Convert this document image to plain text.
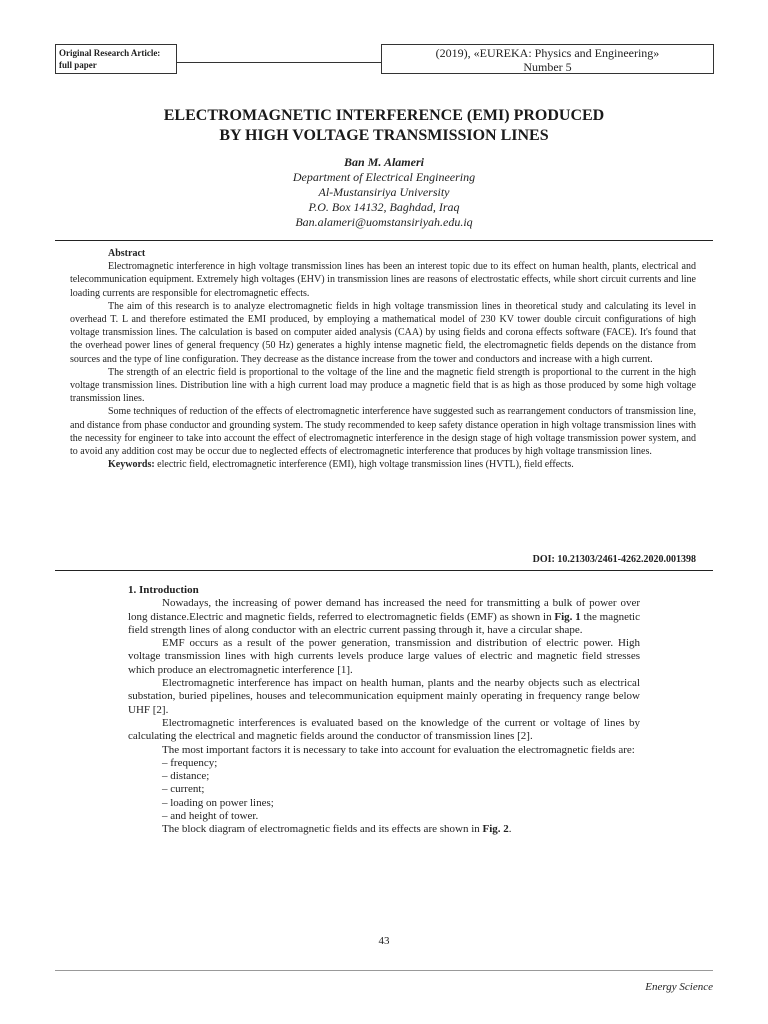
Original Research Article:
full paper
(2019), «EUREKA: Physics and Engineering»
Number 5
ELECTROMAGNETIC INTERFERENCE (EMI) PRODUCED
BY HIGH VOLTAGE TRANSMISSION LINES
Ban M. Alameri
Department of Electrical Engineering
Al-Mustansiriya University
P.O. Box 14132, Baghdad, Iraq
Ban.alameri@uomstansiriyah.edu.iq

Abstract

Electromagnetic interference in high voltage transmission lines has been an interest topic due to its effect on human health, plants, electrical and telecommunication equipment. Extremely high voltages (EHV) in transmission lines are reasons of electrostatic effects, while short circuit currents and line loading currents are responsible for electromagnetic effects.

The aim of this research is to analyze electromagnetic fields in high voltage transmission lines in theoretical study and calculating its level in overhead T. L and therefore estimated the EMI produced, by employing a mathematical model of 230 KV tower double circuit configurations of high voltage transmission lines. The calculation is based on computer aided analysis (CAA) by using fields and corona effects software (FACE). It's found that the overhead power lines of general frequency (50 Hz) generates a highly intense magnetic field, the electromagnetic fields depends on the distance from sources and the type of line configuration. They decrease as the distance increase from the tower and conductors and increase with a high current.

The strength of an electric field is proportional to the voltage of the line and the magnetic field strength is proportional to the current in the high voltage transmission lines. Distribution line with a high current load may produce a magnetic field that is as high as those produced by some high voltage transmission lines.

Some techniques of reduction of the effects of electromagnetic interference have suggested such as rearrangement conductors of transmission line, and distance from phase conductor and grounding system. The study recommended to keep safety distance operation in high voltage transmission lines with the necessity for engineer to take into account the effect of electromagnetic interference in the design stage of high voltage transmission power system, and to avoid any addition cost may be occur due to neglected effects of electromagnetic interference that produces by high voltage transmission lines.

Keywords: electric field, electromagnetic interference (EMI), high voltage transmission lines (HVTL), field effects.

DOI: 10.21303/2461-4262.2020.001398

1. Introduction

Nowadays, the increasing of power demand has increased the need for transmitting a bulk of power over long distance.Electric and magnetic fields, referred to electromagnetic fields (EMF) as shown in Fig. 1 the magnetic field strength lines of along conductor with an electric current passing through it, have a circular shape.

EMF occurs as a result of the power generation, transmission and distribution of electric power. High voltage transmission lines with high currents levels produce large values of electric and magnetic field stresses which produce an electromagnetic interference [1].

Electromagnetic interference has impact on health human, plants and the nearby objects such as electrical substation, buried pipelines, houses and telecommunication equipment mainly operating in frequency range below UHF [2].

Electromagnetic interferences is evaluated based on the knowledge of the current or voltage of lines by calculating the electrical and magnetic fields around the conductor of transmission lines [2].

The most important factors it is necessary to take into account for evaluation the electromagnetic fields are:

– frequency;

– distance;

– current;

– loading on power lines;

– and height of tower.

The block diagram of electromagnetic fields and its effects are shown in Fig. 2.

43
Energy Science
